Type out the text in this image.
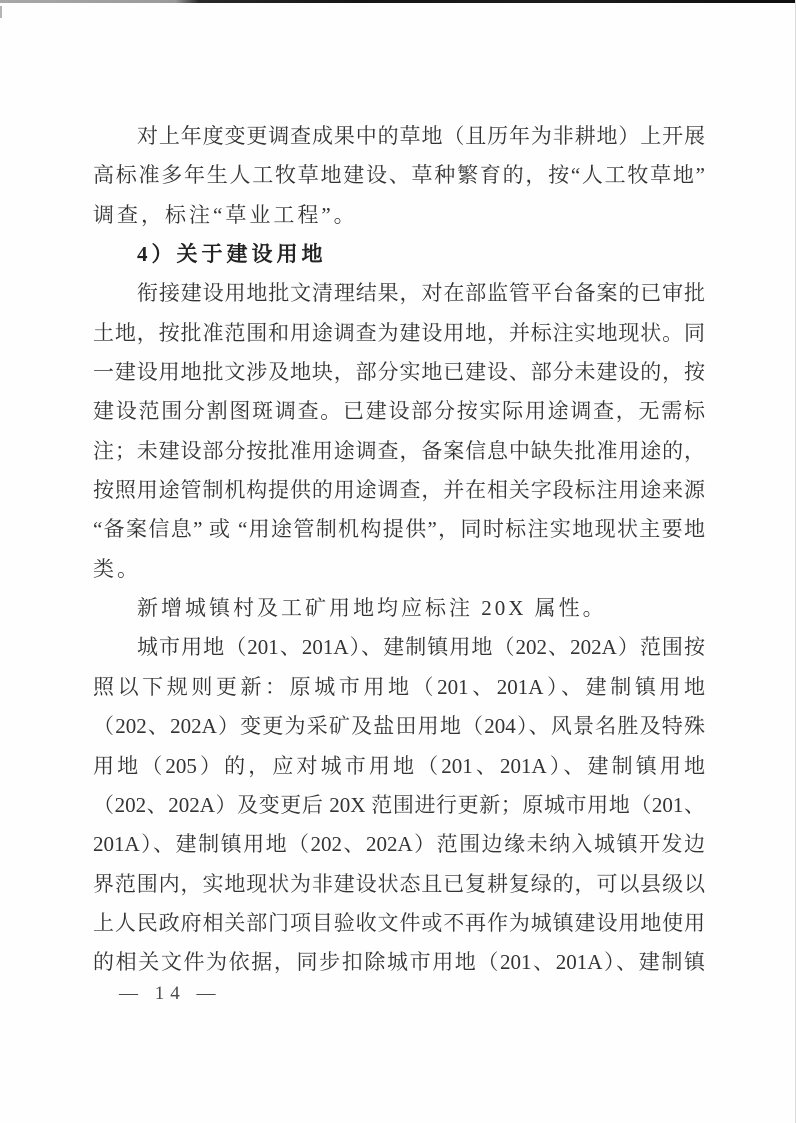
对上年度变更调查成果中的草地（且历年为非耕地）上开展
高标准多年生人工牧草地建设、草种繁育的，按“人工牧草地”
调查，标注“草业工程”。
4）关于建设用地
衔接建设用地批文清理结果，对在部监管平台备案的已审批
土地，按批准范围和用途调查为建设用地，并标注实地现状。同
一建设用地批文涉及地块，部分实地已建设、部分未建设的，按
建设范围分割图斑调查。已建设部分按实际用途调查，无需标
注；未建设部分按批准用途调查，备案信息中缺失批准用途的，
按照用途管制机构提供的用途调查，并在相关字段标注用途来源
“备案信息” 或 “用途管制机构提供”，同时标注实地现状主要地
类。
新增城镇村及工矿用地均应标注 20X 属性。
城市用地（201、201A）、建制镇用地（202、202A）范围按
照以下规则更新：原城市用地（201、201A）、建制镇用地
（202、202A）变更为采矿及盐田用地（204）、风景名胜及特殊
用地（205）的，应对城市用地（201、201A）、建制镇用地
（202、202A）及变更后 20X 范围进行更新；原城市用地（201、
201A）、建制镇用地（202、202A）范围边缘未纳入城镇开发边
界范围内，实地现状为非建设状态且已复耕复绿的，可以县级以
上人民政府相关部门项目验收文件或不再作为城镇建设用地使用
的相关文件为依据，同步扣除城市用地（201、201A）、建制镇
— 14 —
